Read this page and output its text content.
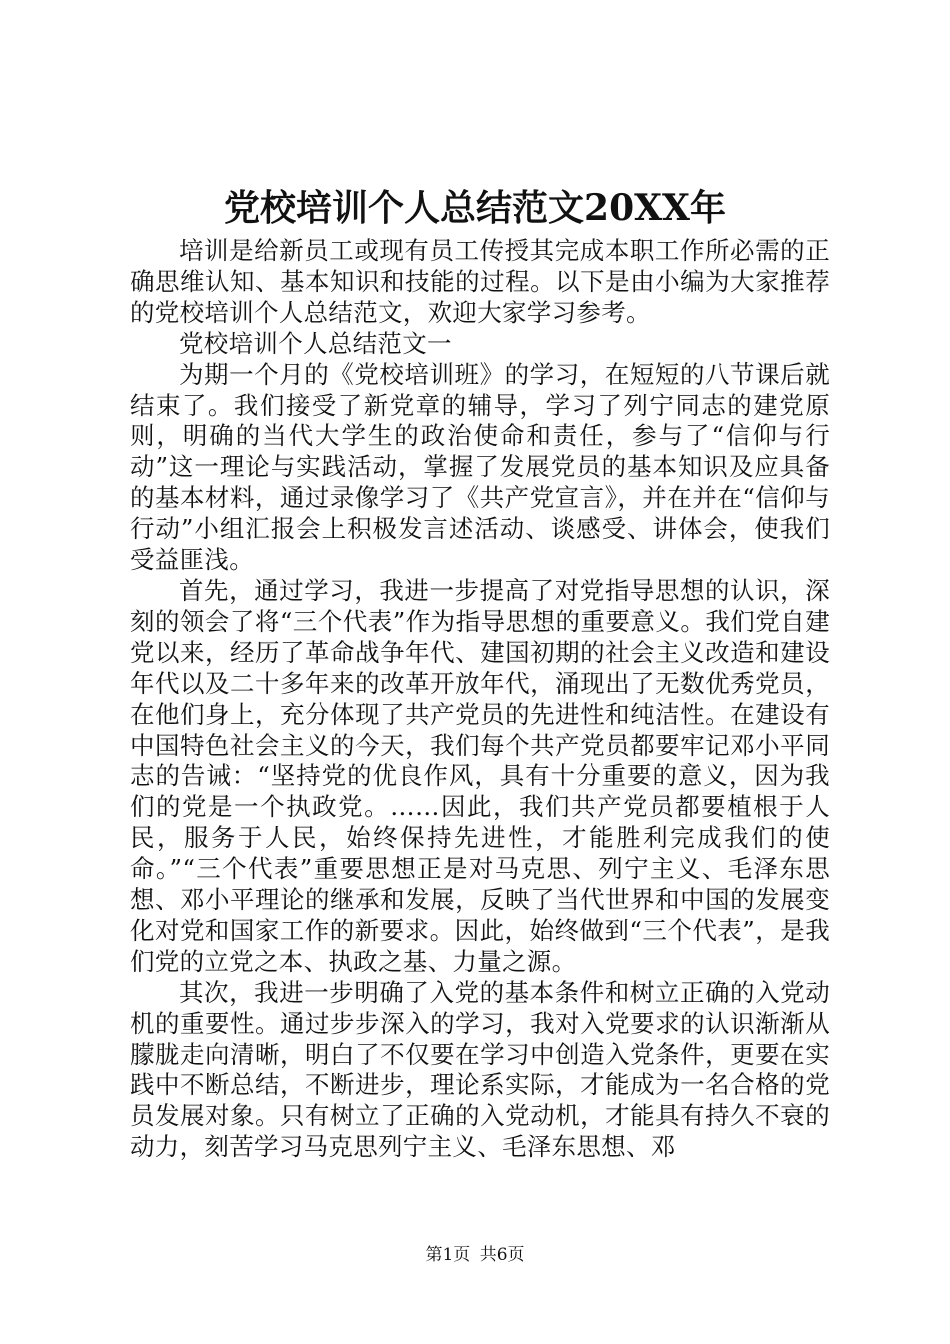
党校培训个人总结范文20XX年

培训是给新员工或现有员工传授其完成本职工作所必需的正确思维认知、基本知识和技能的过程。以下是由小编为大家推荐的党校培训个人总结范文，欢迎大家学习参考。

党校培训个人总结范文一

为期一个月的《党校培训班》的学习，在短短的八节课后就结束了。我们接受了新党章的辅导，学习了列宁同志的建党原则，明确的当代大学生的政治使命和责任，参与了“信仰与行动”这一理论与实践活动，掌握了发展党员的基本知识及应具备的基本材料，通过录像学习了《共产党宣言》，并在并在“信仰与行动”小组汇报会上积极发言述活动、谈感受、讲体会，使我们受益匪浅。

首先，通过学习，我进一步提高了对党指导思想的认识，深刻的领会了将“三个代表”作为指导思想的重要意义。我们党自建党以来，经历了革命战争年代、建国初期的社会主义改造和建设年代以及二十多年来的改革开放年代，涌现出了无数优秀党员，在他们身上，充分体现了共产党员的先进性和纯洁性。在建设有中国特色社会主义的今天，我们每个共产党员都要牢记邓小平同志的告诫：“坚持党的优良作风，具有十分重要的意义，因为我们的党是一个执政党。……因此，我们共产党员都要植根于人民，服务于人民，始终保持先进性，才能胜利完成我们的使命。”“三个代表”重要思想正是对马克思、列宁主义、毛泽东思想、邓小平理论的继承和发展，反映了当代世界和中国的发展变化对党和国家工作的新要求。因此，始终做到“三个代表”，是我们党的立党之本、执政之基、力量之源。

其次，我进一步明确了入党的基本条件和树立正确的入党动机的重要性。通过步步深入的学习，我对入党要求的认识渐渐从朦胧走向清晰，明白了不仅要在学习中创造入党条件，更要在实践中不断总结，不断进步，理论系实际，才能成为一名合格的党员发展对象。只有树立了正确的入党动机，才能具有持久不衰的动力，刻苦学习马克思列宁主义、毛泽东思想、邓

第1页 共6页
